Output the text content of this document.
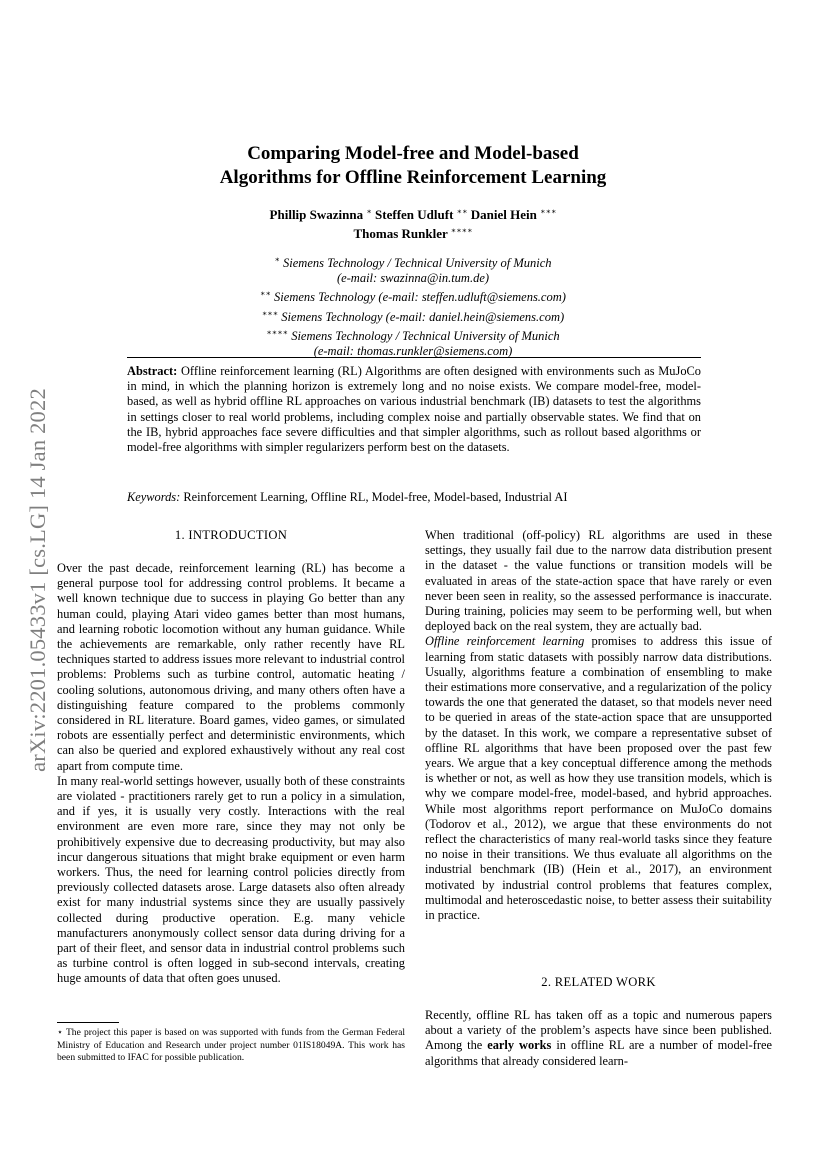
arXiv:2201.05433v1 [cs.LG] 14 Jan 2022
Comparing Model-free and Model-based
Algorithms for Offline Reinforcement Learning
Phillip Swazinna ∗ Steffen Udluft ∗∗ Daniel Hein ∗∗∗
Thomas Runkler ∗∗∗∗
∗ Siemens Technology / Technical University of Munich
(e-mail: swazinna@in.tum.de)
∗∗ Siemens Technology (e-mail: steffen.udluft@siemens.com)
∗∗∗ Siemens Technology (e-mail: daniel.hein@siemens.com)
∗∗∗∗ Siemens Technology / Technical University of Munich
(e-mail: thomas.runkler@siemens.com)
Abstract: Offline reinforcement learning (RL) Algorithms are often designed with environments such as MuJoCo in mind, in which the planning horizon is extremely long and no noise exists. We compare model-free, model-based, as well as hybrid offline RL approaches on various industrial benchmark (IB) datasets to test the algorithms in settings closer to real world problems, including complex noise and partially observable states. We find that on the IB, hybrid approaches face severe difficulties and that simpler algorithms, such as rollout based algorithms or model-free algorithms with simpler regularizers perform best on the datasets.
Keywords: Reinforcement Learning, Offline RL, Model-free, Model-based, Industrial AI
1. INTRODUCTION

Over the past decade, reinforcement learning (RL) has become a general purpose tool for addressing control problems. It became a well known technique due to success in playing Go better than any human could, playing Atari video games better than most humans, and learning robotic locomotion without any human guidance. While the achievements are remarkable, only rather recently have RL techniques started to address issues more relevant to industrial control problems: Problems such as turbine control, automatic heating / cooling solutions, autonomous driving, and many others often have a distinguishing feature compared to the problems commonly considered in RL literature. Board games, video games, or simulated robots are essentially perfect and deterministic environments, which can also be queried and explored exhaustively without any real cost apart from compute time.

In many real-world settings however, usually both of these constraints are violated - practitioners rarely get to run a policy in a simulation, and if yes, it is usually very costly. Interactions with the real environment are even more rare, since they may not only be prohibitively expensive due to decreasing productivity, but may also incur dangerous situations that might brake equipment or even harm workers. Thus, the need for learning control policies directly from previously collected datasets arose. Large datasets also often already exist for many industrial systems since they are usually passively collected during productive operation. E.g. many vehicle manufacturers anonymously collect sensor data during driving for a part of their fleet, and sensor data in industrial control problems such as turbine control is often logged in sub-second intervals, creating huge amounts of data that often goes unused.

⋆ The project this paper is based on was supported with funds from the German Federal Ministry of Education and Research under project number 01IS18049A. This work has been submitted to IFAC for possible publication.

When traditional (off-policy) RL algorithms are used in these settings, they usually fail due to the narrow data distribution present in the dataset - the value functions or transition models will be evaluated in areas of the state-action space that have rarely or even never been seen in reality, so the assessed performance is inaccurate. During training, policies may seem to be performing well, but when deployed back on the real system, they are actually bad.

Offline reinforcement learning promises to address this issue of learning from static datasets with possibly narrow data distributions. Usually, algorithms feature a combination of ensembling to make their estimations more conservative, and a regularization of the policy towards the one that generated the dataset, so that models never need to be queried in areas of the state-action space that are unsupported by the dataset. In this work, we compare a representative subset of offline RL algorithms that have been proposed over the past few years. We argue that a key conceptual difference among the methods is whether or not, as well as how they use transition models, which is why we compare model-free, model-based, and hybrid approaches. While most algorithms report performance on MuJoCo domains (Todorov et al., 2012), we argue that these environments do not reflect the characteristics of many real-world tasks since they feature no noise in their transitions. We thus evaluate all algorithms on the industrial benchmark (IB) (Hein et al., 2017), an environment motivated by industrial control problems that features complex, multimodal and heteroscedastic noise, to better assess their suitability in practice.

2. RELATED WORK

Recently, offline RL has taken off as a topic and numerous papers about a variety of the problem’s aspects have since been published. Among the early works in offline RL are a number of model-free algorithms that already considered learn-
